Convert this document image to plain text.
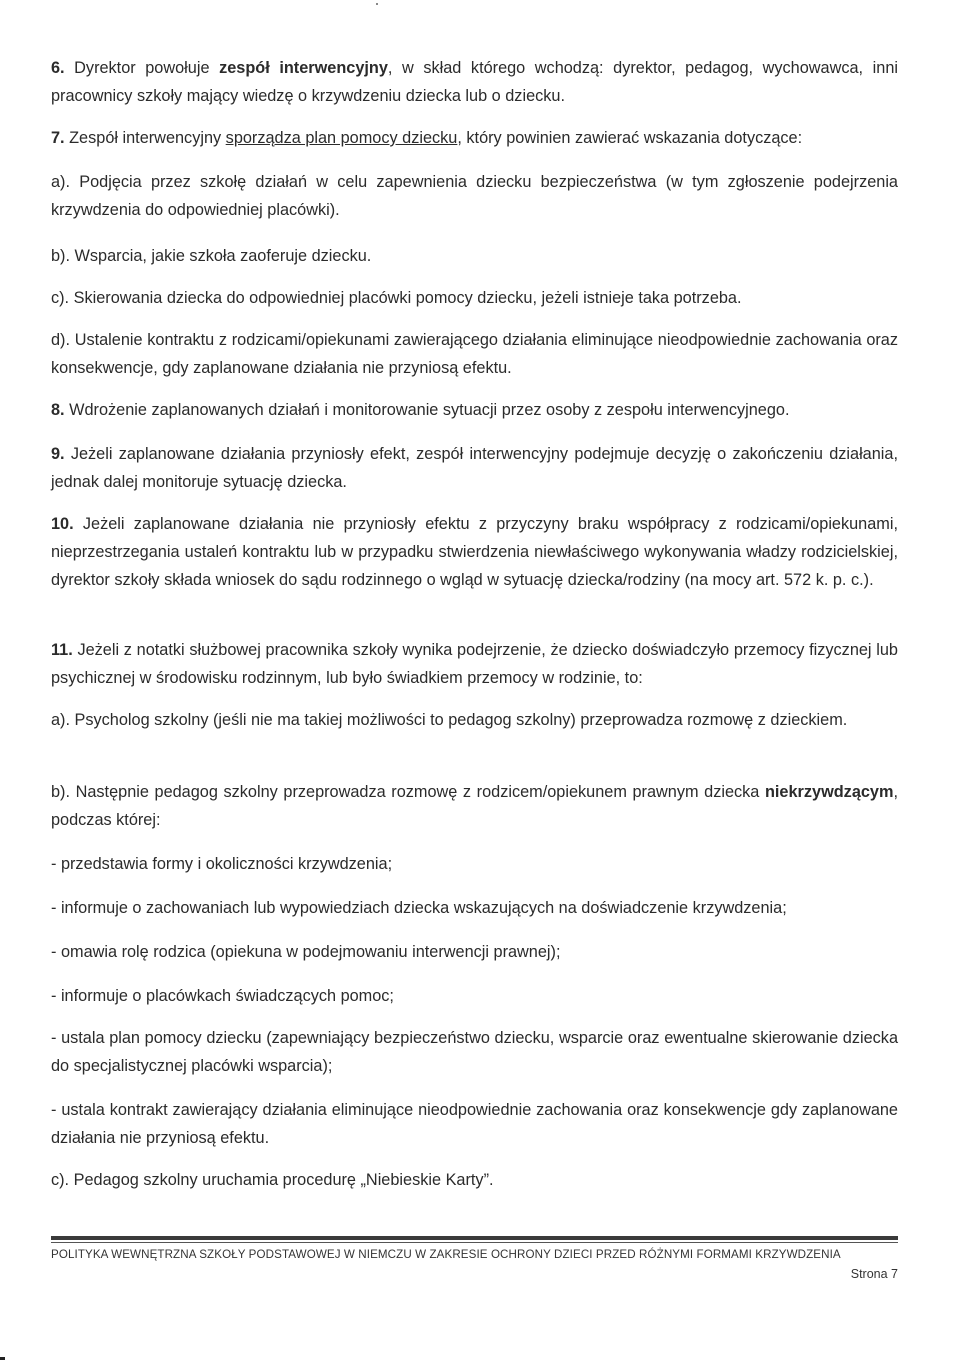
6. Dyrektor powołuje zespół interwencyjny, w skład którego wchodzą: dyrektor, pedagog, wychowawca, inni pracownicy szkoły mający wiedzę o krzywdzeniu dziecka lub o dziecku.

7. Zespół interwencyjny sporządza plan pomocy dziecku, który powinien zawierać wskazania dotyczące:

a). Podjęcia przez szkołę działań w celu zapewnienia dziecku bezpieczeństwa (w tym zgłoszenie podejrzenia krzywdzenia do odpowiedniej placówki).

b). Wsparcia, jakie szkoła zaoferuje dziecku.

c). Skierowania dziecka do odpowiedniej placówki pomocy dziecku, jeżeli istnieje taka potrzeba.

d). Ustalenie kontraktu z rodzicami/opiekunami zawierającego działania eliminujące nieodpowiednie zachowania oraz konsekwencje, gdy zaplanowane działania nie przyniosą efektu.

8. Wdrożenie zaplanowanych działań i monitorowanie sytuacji przez osoby z zespołu interwencyjnego.

9. Jeżeli zaplanowane działania przyniosły efekt, zespół interwencyjny podejmuje decyzję o zakończeniu działania, jednak dalej monitoruje sytuację dziecka.

10. Jeżeli zaplanowane działania nie przyniosły efektu z przyczyny braku współpracy z rodzicami/opiekunami, nieprzestrzegania ustaleń kontraktu lub w przypadku stwierdzenia niewłaściwego wykonywania władzy rodzicielskiej, dyrektor szkoły składa wniosek do sądu rodzinnego o wgląd w sytuację dziecka/rodziny (na mocy art. 572 k. p. c.).

11. Jeżeli z notatki służbowej pracownika szkoły wynika podejrzenie, że dziecko doświadczyło przemocy fizycznej lub psychicznej w środowisku rodzinnym, lub było świadkiem przemocy w rodzinie, to:

a). Psycholog szkolny (jeśli nie ma takiej możliwości to pedagog szkolny) przeprowadza rozmowę z dzieckiem.

b). Następnie pedagog szkolny przeprowadza rozmowę z rodzicem/opiekunem prawnym dziecka niekrzywdzącym, podczas której:

- przedstawia formy i okoliczności krzywdzenia;

- informuje o zachowaniach lub wypowiedziach dziecka wskazujących na doświadczenie krzywdzenia;

- omawia rolę rodzica (opiekuna w podejmowaniu interwencji prawnej);

- informuje o placówkach świadczących pomoc;

- ustala plan pomocy dziecku (zapewniający bezpieczeństwo dziecku, wsparcie oraz ewentualne skierowanie dziecka do specjalistycznej placówki wsparcia);

- ustala kontrakt zawierający działania eliminujące nieodpowiednie zachowania oraz konsekwencje gdy zaplanowane działania nie przyniosą efektu.

c). Pedagog szkolny uruchamia procedurę „Niebieskie Karty”.

POLITYKA WEWNĘTRZNA SZKOŁY PODSTAWOWEJ W NIEMCZU W ZAKRESIE OCHRONY DZIECI PRZED RÓŻNYMI FORMAMI KRZYWDZENIA
Strona 7
